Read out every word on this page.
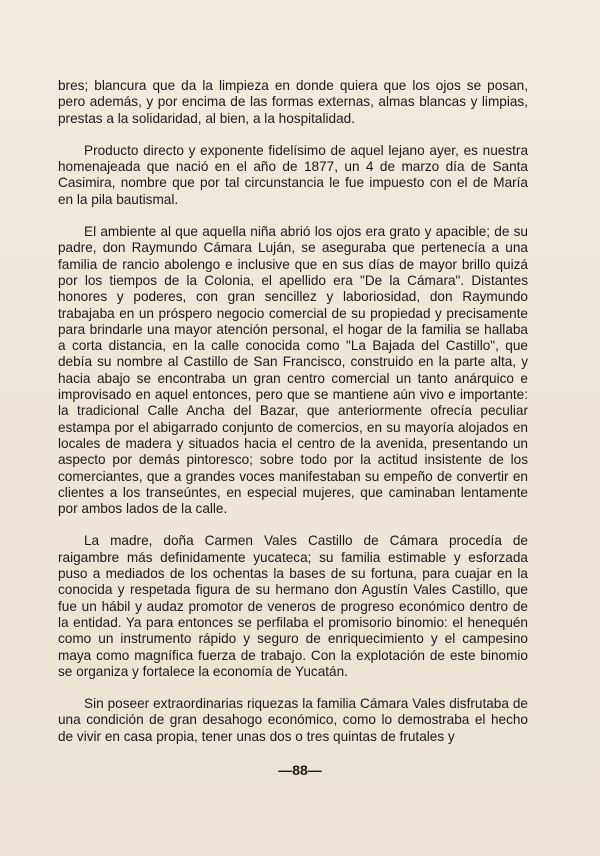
bres; blancura que da la limpieza en donde quiera que los ojos se posan, pero además, y por encima de las formas externas, almas blancas y limpias, prestas a la solidaridad, al bien, a la hospitalidad.

Producto directo y exponente fidelísimo de aquel lejano ayer, es nuestra homenajeada que nació en el año de 1877, un 4 de marzo día de Santa Casimira, nombre que por tal circunstancia le fue impuesto con el de María en la pila bautismal.

El ambiente al que aquella niña abrió los ojos era grato y apacible; de su padre, don Raymundo Cámara Luján, se aseguraba que pertenecía a una familia de rancio abolengo e inclusive que en sus días de mayor brillo quizá por los tiempos de la Colonia, el apellido era "De la Cámara". Distantes honores y poderes, con gran sencillez y laboriosidad, don Raymundo trabajaba en un próspero negocio comercial de su propiedad y precisamente para brindarle una mayor atención personal, el hogar de la familia se hallaba a corta distancia, en la calle conocida como "La Bajada del Castillo", que debía su nombre al Castillo de San Francisco, construido en la parte alta, y hacia abajo se encontraba un gran centro comercial un tanto anárquico e improvisado en aquel entonces, pero que se mantiene aún vivo e importante: la tradicional Calle Ancha del Bazar, que anteriormente ofrecía peculiar estampa por el abigarrado conjunto de comercios, en su mayoría alojados en locales de madera y situados hacia el centro de la avenida, presentando un aspecto por demás pintoresco; sobre todo por la actitud insistente de los comerciantes, que a grandes voces manifestaban su empeño de convertir en clientes a los transeúntes, en especial mujeres, que caminaban lentamente por ambos lados de la calle.

La madre, doña Carmen Vales Castillo de Cámara procedía de raigambre más definidamente yucateca; su familia estimable y esforzada puso a mediados de los ochentas la bases de su fortuna, para cuajar en la conocida y respetada figura de su hermano don Agustín Vales Castillo, que fue un hábil y audaz promotor de veneros de progreso económico dentro de la entidad. Ya para entonces se perfilaba el promisorio binomio: el henequén como un instrumento rápido y seguro de enriquecimiento y el campesino maya como magnífica fuerza de trabajo. Con la explotación de este binomio se organiza y fortalece la economía de Yucatán.

Sin poseer extraordinarias riquezas la familia Cámara Vales disfrutaba de una condición de gran desahogo económico, como lo demostraba el hecho de vivir en casa propia, tener unas dos o tres quintas de frutales y

—88—
